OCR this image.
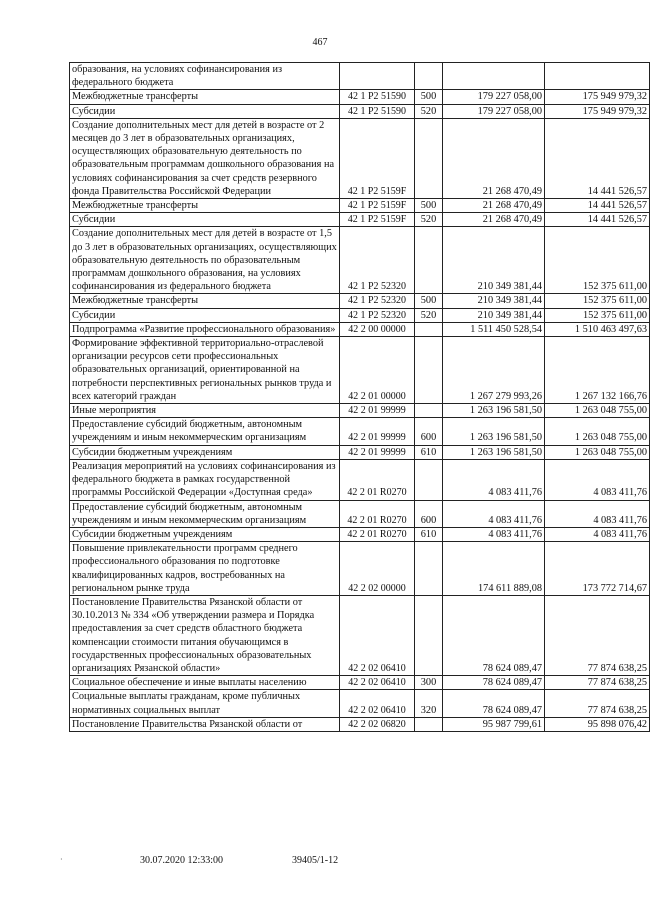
467
образования, на условиях софинансирования из федерального бюджета				
Межбюджетные трансферты	42 1 P2 51590	500	179 227 058,00	175 949 979,32
Субсидии	42 1 P2 51590	520	179 227 058,00	175 949 979,32
Создание дополнительных мест для детей в возрасте от 2 месяцев до 3 лет в образовательных организациях, осуществляющих образовательную деятельность по образовательным программам дошкольного образования на условиях софинансирования за счет средств резервного фонда Правительства Российской Федерации	42 1 P2 5159F		21 268 470,49	14 441 526,57
Межбюджетные трансферты	42 1 P2 5159F	500	21 268 470,49	14 441 526,57
Субсидии	42 1 P2 5159F	520	21 268 470,49	14 441 526,57
Создание дополнительных мест для детей в возрасте от 1,5 до 3 лет в образовательных организациях, осуществляющих образовательную деятельность по образовательным программам дошкольного образования, на условиях софинансирования из федерального бюджета	42 1 P2 52320		210 349 381,44	152 375 611,00
Межбюджетные трансферты	42 1 P2 52320	500	210 349 381,44	152 375 611,00
Субсидии	42 1 P2 52320	520	210 349 381,44	152 375 611,00
Подпрограмма «Развитие профессионального образования»	42 2 00 00000		1 511 450 528,54	1 510 463 497,63
Формирование эффективной территориально-отраслевой организации ресурсов сети профессиональных образовательных организаций, ориентированной на потребности перспективных региональных рынков труда и всех категорий граждан	42 2 01 00000		1 267 279 993,26	1 267 132 166,76
Иные мероприятия	42 2 01 99999		1 263 196 581,50	1 263 048 755,00
Предоставление субсидий бюджетным, автономным учреждениям и иным некоммерческим организациям	42 2 01 99999	600	1 263 196 581,50	1 263 048 755,00
Субсидии бюджетным учреждениям	42 2 01 99999	610	1 263 196 581,50	1 263 048 755,00
Реализация мероприятий на условиях софинансирования из федерального бюджета в рамках государственной программы Российской Федерации «Доступная среда»	42 2 01 R0270		4 083 411,76	4 083 411,76
Предоставление субсидий бюджетным, автономным учреждениям и иным некоммерческим организациям	42 2 01 R0270	600	4 083 411,76	4 083 411,76
Субсидии бюджетным учреждениям	42 2 01 R0270	610	4 083 411,76	4 083 411,76
Повышение привлекательности программ среднего профессионального образования по подготовке квалифицированных кадров, востребованных на региональном рынке труда	42 2 02 00000		174 611 889,08	173 772 714,67
Постановление Правительства Рязанской области от 30.10.2013 № 334 «Об утверждении размера и Порядка предоставления за счет средств областного бюджета компенсации стоимости питания обучающимся в государственных профессиональных образовательных организациях Рязанской области»	42 2 02 06410		78 624 089,47	77 874 638,25
Социальное обеспечение и иные выплаты населению	42 2 02 06410	300	78 624 089,47	77 874 638,25
Социальные выплаты гражданам, кроме публичных нормативных социальных выплат	42 2 02 06410	320	78 624 089,47	77 874 638,25
Постановление Правительства Рязанской области от	42 2 02 06820		95 987 799,61	95 898 076,42
·	30.07.2020 12:33:00	39405/1-12
